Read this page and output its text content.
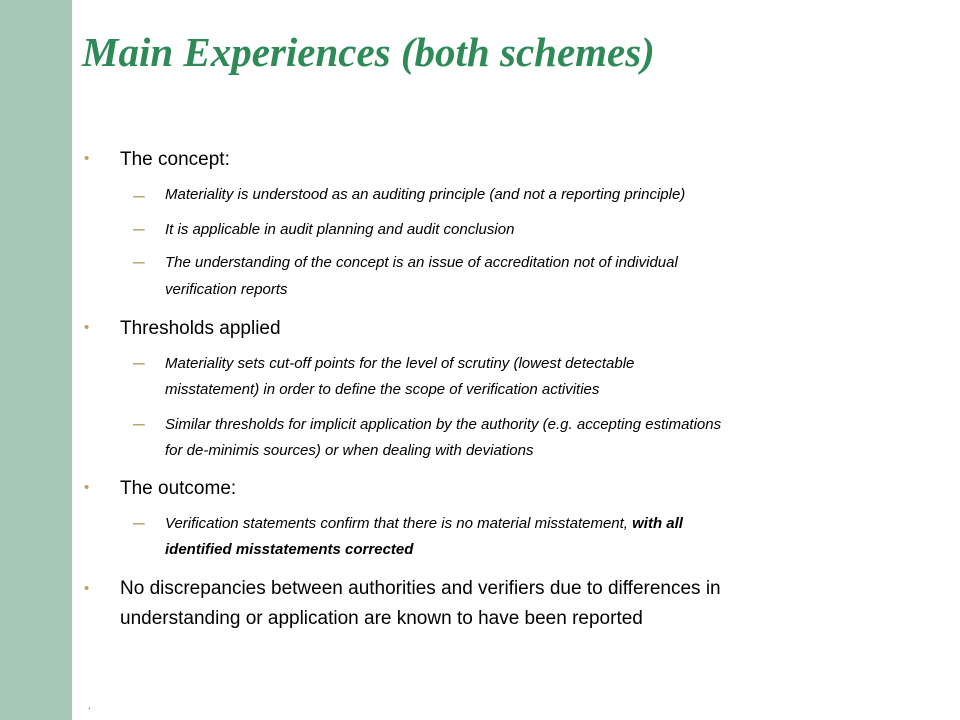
Main Experiences (both schemes)
• The concept:
– Materiality is understood as an auditing principle (and not a reporting principle)
– It is applicable in audit planning and audit conclusion
– The understanding of the concept is an issue of accreditation not of individual
verification reports
• Thresholds applied
– Materiality sets cut-off points for the level of scrutiny (lowest detectable
misstatement) in order to define the scope of verification activities
– Similar thresholds for implicit application by the authority (e.g. accepting estimations
for de-minimis sources) or when dealing with deviations
• The outcome:
– Verification statements confirm that there is no material misstatement, with all
identified misstatements corrected
• No discrepancies between authorities and verifiers due to differences in
understanding or application are known to have been reported
.
